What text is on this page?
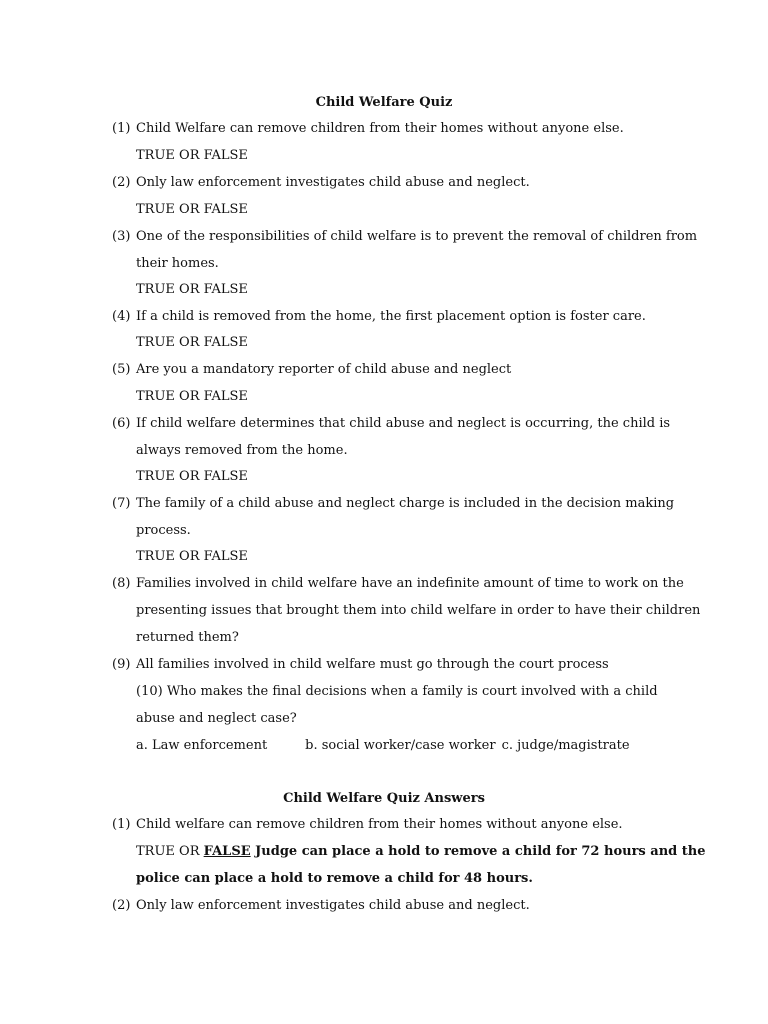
Child Welfare Quiz
(1) Child Welfare can remove children from their homes without anyone else.
TRUE OR FALSE
(2) Only law enforcement investigates child abuse and neglect.
TRUE OR FALSE
(3) One of the responsibilities of child welfare is to prevent the removal of children from
their homes.
TRUE OR FALSE
(4) If a child is removed from the home, the first placement option is foster care.
TRUE OR FALSE
(5) Are you a mandatory reporter of child abuse and neglect
TRUE OR FALSE
(6) If child welfare determines that child abuse and neglect is occurring, the child is
always removed from the home.
TRUE OR FALSE
(7) The family of a child abuse and neglect charge is included in the decision making
process.
TRUE OR FALSE
(8) Families involved in child welfare have an indefinite amount of time to work on the
presenting issues that brought them into child welfare in order to have their children
returned them?
(9) All families involved in child welfare must go through the court process
(10) Who makes the final decisions when a family is court involved with a child
abuse and neglect case?
a. Law enforcement	b. social worker/case worker c. judge/magistrate
Child Welfare Quiz Answers
(1) Child welfare can remove children from their homes without anyone else.
TRUE OR FALSE Judge can place a hold to remove a child for 72 hours and the
police can place a hold to remove a child for 48 hours.
(2) Only law enforcement investigates child abuse and neglect.
